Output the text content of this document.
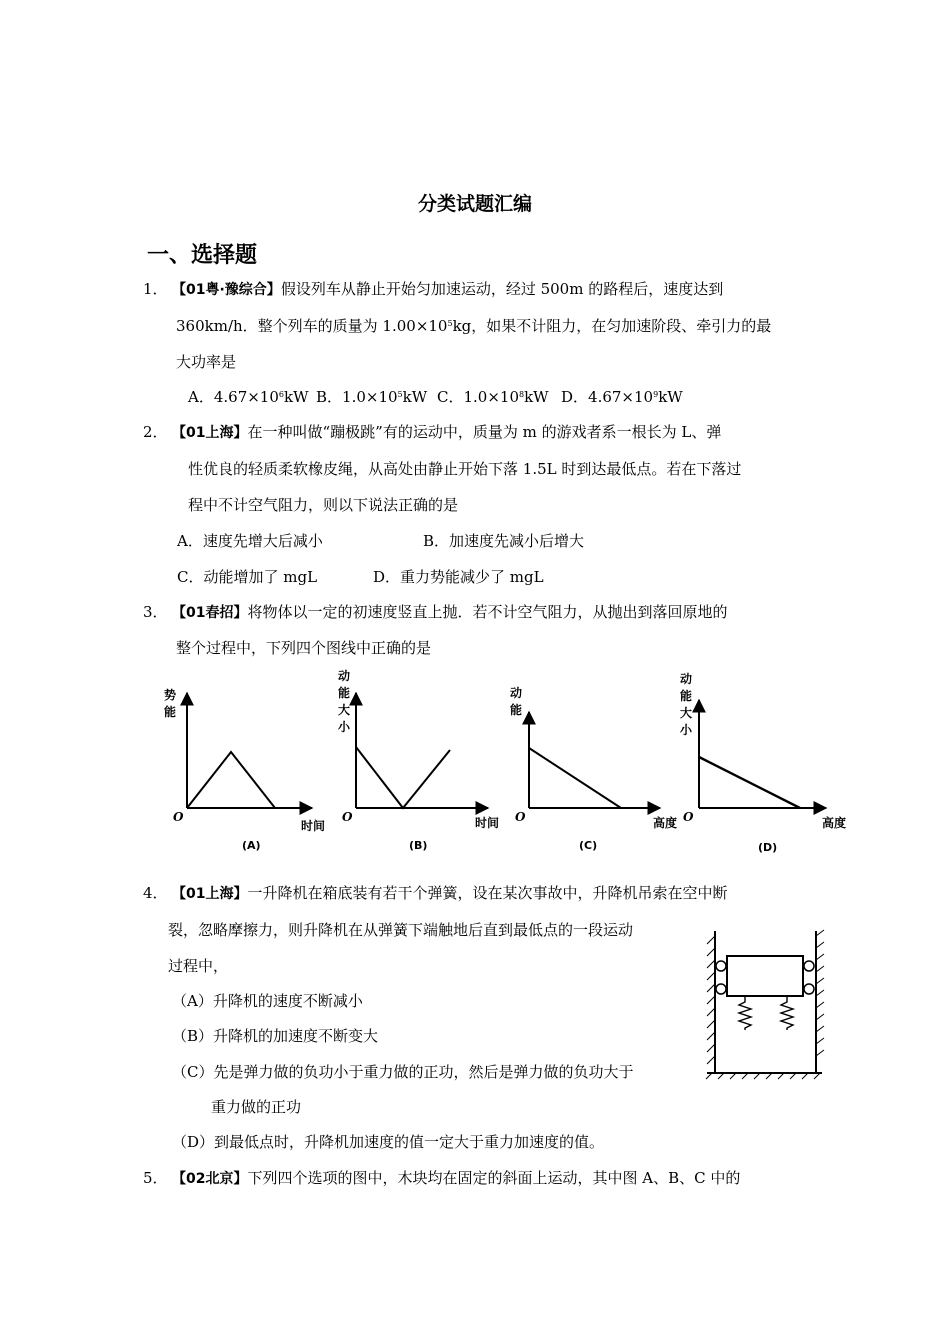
分类试题汇编
一、选择题
1． 【01粤·豫综合】假设列车从静止开始匀加速运动，经过 500m 的路程后，速度达到
360km/h．整个列车的质量为 $1.00\times 10^5kg$，如果不计阻力，在匀加速阶段、牵引力的最
大功率是
A．$4.67\times 10^6kW$ B．$1.0\times 10^5kW$ C．$1.0\times 10^8kW$ D．$4.67\times 10^9kW$
2． 【01上海】在一种叫做“蹦极跳”有的运动中，质量为 m 的游戏者系一根长为 L、弹
性优良的轻质柔软橡皮绳，从高处由静止开始下落 1.5L 时到达最低点。若在下落过
程中不计空气阻力，则以下说法正确的是
A．速度先增大后减小	B．加速度先减小后增大
C．动能增加了 mgL	D．重力势能减少了 mgL
3． 【01春招】将物体以一定的初速度竖直上抛．若不计空气阻力，从抛出到落回原地的
整个过程中，下列四个图线中正确的是
势
能
O
时间
(A)
动
能
大
小
O	时间
(B)
动
能
O	高度
(C)
动
能
大
小
O	高度
(D)
4． 【01上海】一升降机在箱底装有若干个弹簧，设在某次事故中，升降机吊索在空中断
裂，忽略摩擦力，则升降机在从弹簧下端触地后直到最低点的一段运动
过程中，
（A）升降机的速度不断减小
（B）升降机的加速度不断变大
（C）先是弹力做的负功小于重力做的正功，然后是弹力做的负功大于
重力做的正功
（D）到最低点时，升降机加速度的值一定大于重力加速度的值。
5． 【02北京】下列四个选项的图中，木块均在固定的斜面上运动，其中图 A、B、C 中的
